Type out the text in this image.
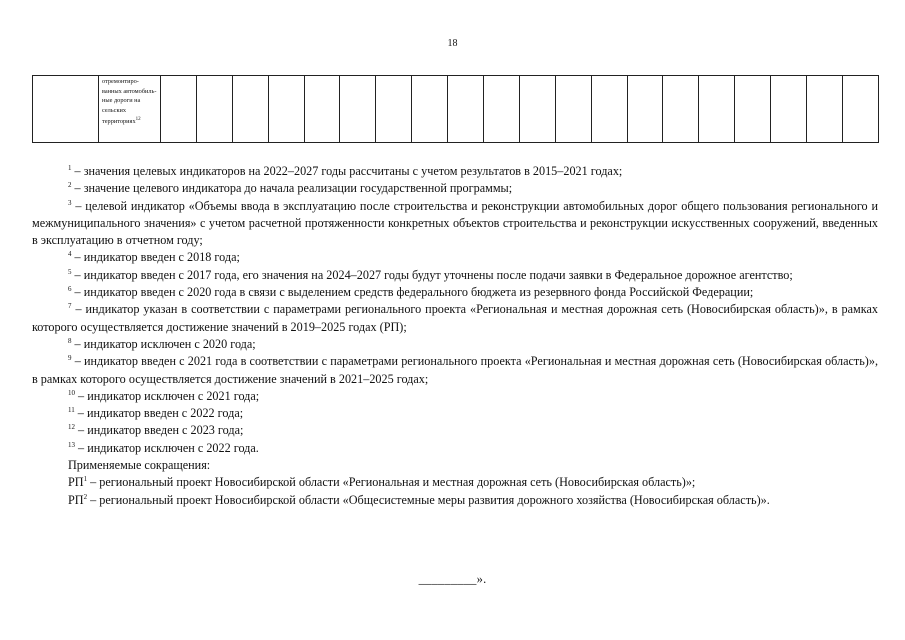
18
	отремонтиро-ванных автомобиль-ные дороги на сельских территориях$^{12}$																				

$^1$ – значения целевых индикаторов на 2022–2027 годы рассчитаны с учетом результатов в 2015–2021 годах;

$^2$ – значение целевого индикатора до начала реализации государственной программы;

$^3$ – целевой индикатор «Объемы ввода в эксплуатацию после строительства и реконструкции автомобильных дорог общего пользования регионального и межмуниципального значения» с учетом расчетной протяженности конкретных объектов строительства и реконструкции искусственных сооружений, введенных в эксплуатацию в отчетном году;

$^4$ – индикатор введен с 2018 года;

$^5$ – индикатор введен с 2017 года, его значения на 2024–2027 годы будут уточнены после подачи заявки в Федеральное дорожное агентство;

$^6$ – индикатор введен с 2020 года в связи с выделением средств федерального бюджета из резервного фонда Российской Федерации;

$^7$ – индикатор указан в соответствии с параметрами регионального проекта «Региональная и местная дорожная сеть (Новосибирская область)», в рамках которого осуществляется достижение значений в 2019–2025 годах (РП);

$^8$ – индикатор исключен с 2020 года;

$^9$ – индикатор введен с 2021 года в соответствии с параметрами регионального проекта «Региональная и местная дорожная сеть (Новосибирская область)», в рамках которого осуществляется достижение значений в 2021–2025 годах;

$^{10}$ – индикатор исключен с 2021 года;

$^{11}$ – индикатор введен с 2022 года;

$^{12}$ – индикатор введен с 2023 года;

$^{13}$ – индикатор исключен с 2022 года.

Применяемые сокращения:

$РП^1$ – региональный проект Новосибирской области «Региональная и местная дорожная сеть (Новосибирская область)»;

$РП^2$ – региональный проект Новосибирской области «Общесистемные меры развития дорожного хозяйства (Новосибирская область)».

_________».
